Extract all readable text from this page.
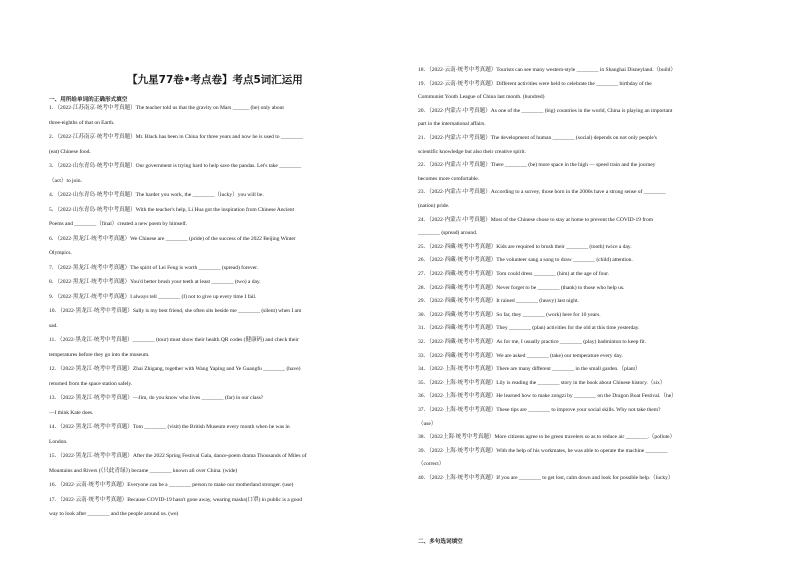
【九星77卷•考点卷】考点5词汇运用
一、用所给单词的正确形式填空
1．（2022·江苏南京·统考中考真题）The teacher told us that the gravity on Mars ______ (be) only about
three-eighths of that on Earth.
2．（2022·江苏南京·统考中考真题）Mr. Black has been in China for three years and now he is used to ________
(eat) Chinese food.
3．（2022·山东青岛·统考中考真题）Our government is trying hard to help save the pandas. Let's take ________
（act）to join.
4．（2022·山东青岛·统考中考真题）The harder you work, the ________（lucky）you will be.
5．（2022·山东青岛·统考中考真题）With the teacher's help, Li Hua got the inspiration from Chinese Ancient
Poems and ________（final）created a new poem by himself.
6．（2022·黑龙江·统考中考真题）We Chinese are ________ (pride) of the success of the 2022 Beijing Winter
Olympics.
7．（2022·黑龙江·统考中考真题）The spirit of Lei Feng is worth ________ (spread) forever.
8．（2022·黑龙江·统考中考真题）You'd better brush your teeth at least ________ (two) a day.
9．（2022·黑龙江·统考中考真题）I always tell ________ (I) not to give up every time I fail.
10．（2022·黑龙江·统考中考真题）Sally is my best friend, she often sits beside me ________ (silent) when I am
sad.
11．（2022·黑龙江·统考中考真题）________ (tour) must show their health QR codes (健康码) and check their
temperatures before they go into the museum.
12．（2022·黑龙江·统考中考真题）Zhai Zhigang, together with Wang Yaping and Ye Guangfu ________ (have)
returned from the space station safely.
13．（2022·黑龙江·统考中考真题）—Jim, do you know who lives ________ (far) in our class?
—I think Kate does.
14．（2022·黑龙江·统考中考真题）Tom ________ (visit) the British Museum every month when he was in
London.
15．（2022·黑龙江·统考中考真题）After the 2022 Spring Festival Gala, dance-poem drama Thousands of Miles of
Mountains and Rivers (《只此青绿》) became ________ known all over China. (wide)
16．（2022·云南·统考中考真题）Everyone can be a ________ person to make our motherland stronger. (use)
17．（2022·云南·统考中考真题）Because COVID-19 hasn't gone away, wearing masks(口罩) in public is a good
way to look after ________ and the people around us. (we)
二、多句选词填空
18．（2022·云南·统考中考真题）Tourists can see many western-style ________ in Shanghai Disneyland.（build）
19．（2022·云南·统考中考真题）Different activities were held to celebrate the ________ birthday of the
Communist Youth League of China last month. (hundred)
20．（2022·内蒙古·中考真题）As one of the ________ (big) countries in the world, China is playing an important
part in the international affairs.
21．（2022·内蒙古·中考真题）The development of human ________ (social) depends on not only people's
scientific knowledge but also their creative spirit.
22．（2022·内蒙古·中考真题）There ________ (be) more space in the high — speed train and the journey
becomes more comfortable.
23．（2022·内蒙古·中考真题）According to a survey, those born in the 2000s have a strong sense of ________
(nation) pride.
24．（2022·内蒙古·中考真题）Most of the Chinese chose to stay at home to prevent the COVID-19 from
________ (spread) around.
25．（2022·西藏·统考中考真题）Kids are required to brush their ________ (tooth) twice a day.
26．（2022·西藏·统考中考真题）The volunteer sang a song to draw ________ (child) attention.
27．（2022·西藏·统考中考真题）Tom could dress ________ (him) at the age of four.
28．（2022·西藏·统考中考真题）Never forget to be ________ (thank) to those who help us.
29．（2022·西藏·统考中考真题）It rained ________ (heavy) last night.
30．（2022·西藏·统考中考真题）So far, they ________ (work) here for 10 years.
31．（2022·西藏·统考中考真题）They ________ (plan) activities for the old at this time yesterday.
32．（2022·西藏·统考中考真题）As for me, I usually practice ________ (play) badminton to keep fit.
33．（2022·西藏·统考中考真题）We are asked ________ (take) our temperature every day.
34．（2022·上海·统考中考真题）There are many different ________ in the small garden.（plant）
35．（2022·上海·统考中考真题）Lily is reading the ________ story in the book about Chinese history.（six）
36．（2022·上海·统考中考真题）He learned how to make zongzi by ________ on the Dragon Boat Festival.（he）
37．（2022·上海·统考中考真题）These tips are ________ to improve your social skills. Why not take them?
（use）
38．（2022上海·统考中考真题）More citizens agree to be green travelers so as to reduce air ________.（pollute）
39．（2022·上海·统考中考真题）With the help of his workmates, he was able to operate the machine ________
（correct）
40．（2022·上海·统考中考真题）If you are ________ to get lost, calm down and look for possible help.（lucky）
